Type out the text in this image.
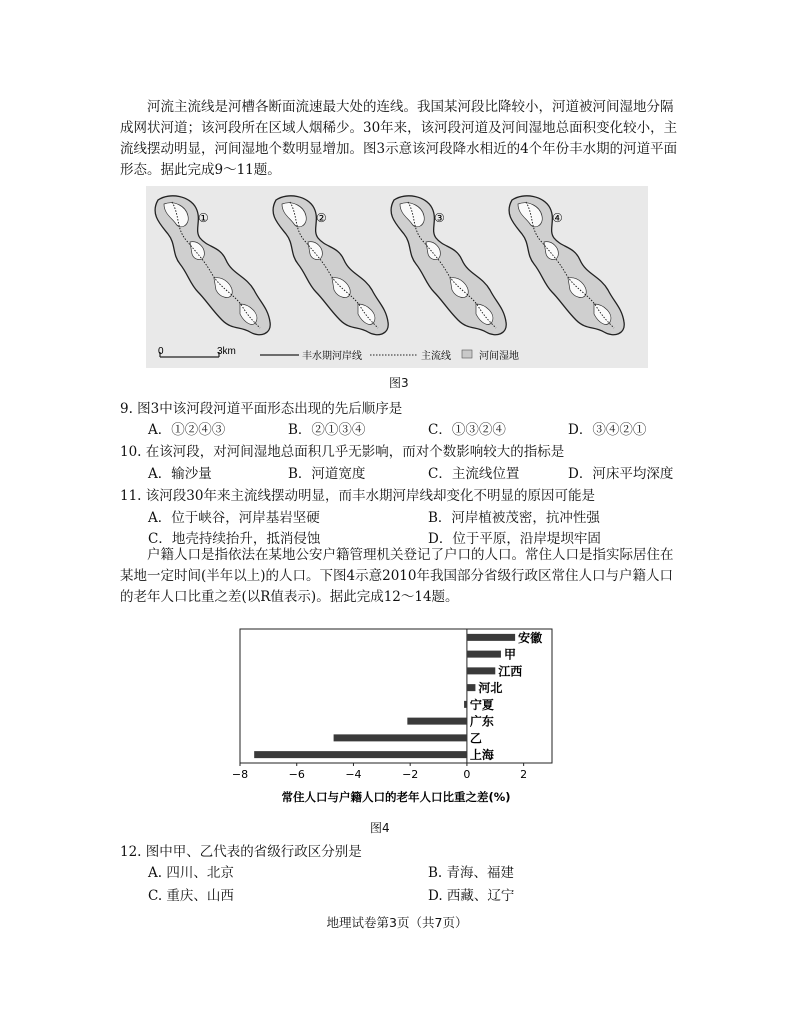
河流主流线是河槽各断面流速最大处的连线。我国某河段比降较小，河道被河间湿地分隔成网状河道；该河段所在区域人烟稀少。30年来，该河段河道及河间湿地总面积变化较小，主流线摆动明显，河间湿地个数明显增加。图3示意该河段降水相近的4个年份丰水期的河道平面形态。据此完成9～11题。
①	②	③	④
0	3km	丰水期河岸线	主流线	河间湿地
图3
9. 图3中该河段河道平面形态出现的先后顺序是
A．①②④③	B．②①③④	C．①③②④	D．③④②①
10. 在该河段，对河间湿地总面积几乎无影响，而对个数影响较大的指标是
A．输沙量	B．河道宽度	C．主流线位置	D．河床平均深度
11. 该河段30年来主流线摆动明显，而丰水期河岸线却变化不明显的原因可能是
A．位于峡谷，河岸基岩坚硬	B．河岸植被茂密，抗冲性强
C．地壳持续抬升，抵消侵蚀	D．位于平原，沿岸堤坝牢固
户籍人口是指依法在某地公安户籍管理机关登记了户口的人口。常住人口是指实际居住在某地一定时间(半年以上)的人口。下图4示意2010年我国部分省级行政区常住人口与户籍人口的老年人口比重之差(以R值表示)。据此完成12～14题。
安徽
甲
江西
河北
宁夏
广东
乙
上海
−8	−6	−4	−2	0	2
常住人口与户籍人口的老年人口比重之差(%)
图4
12. 图中甲、乙代表的省级行政区分别是
A. 四川、北京	B. 青海、福建
C. 重庆、山西	D. 西藏、辽宁
地理试卷第3页（共7页）
